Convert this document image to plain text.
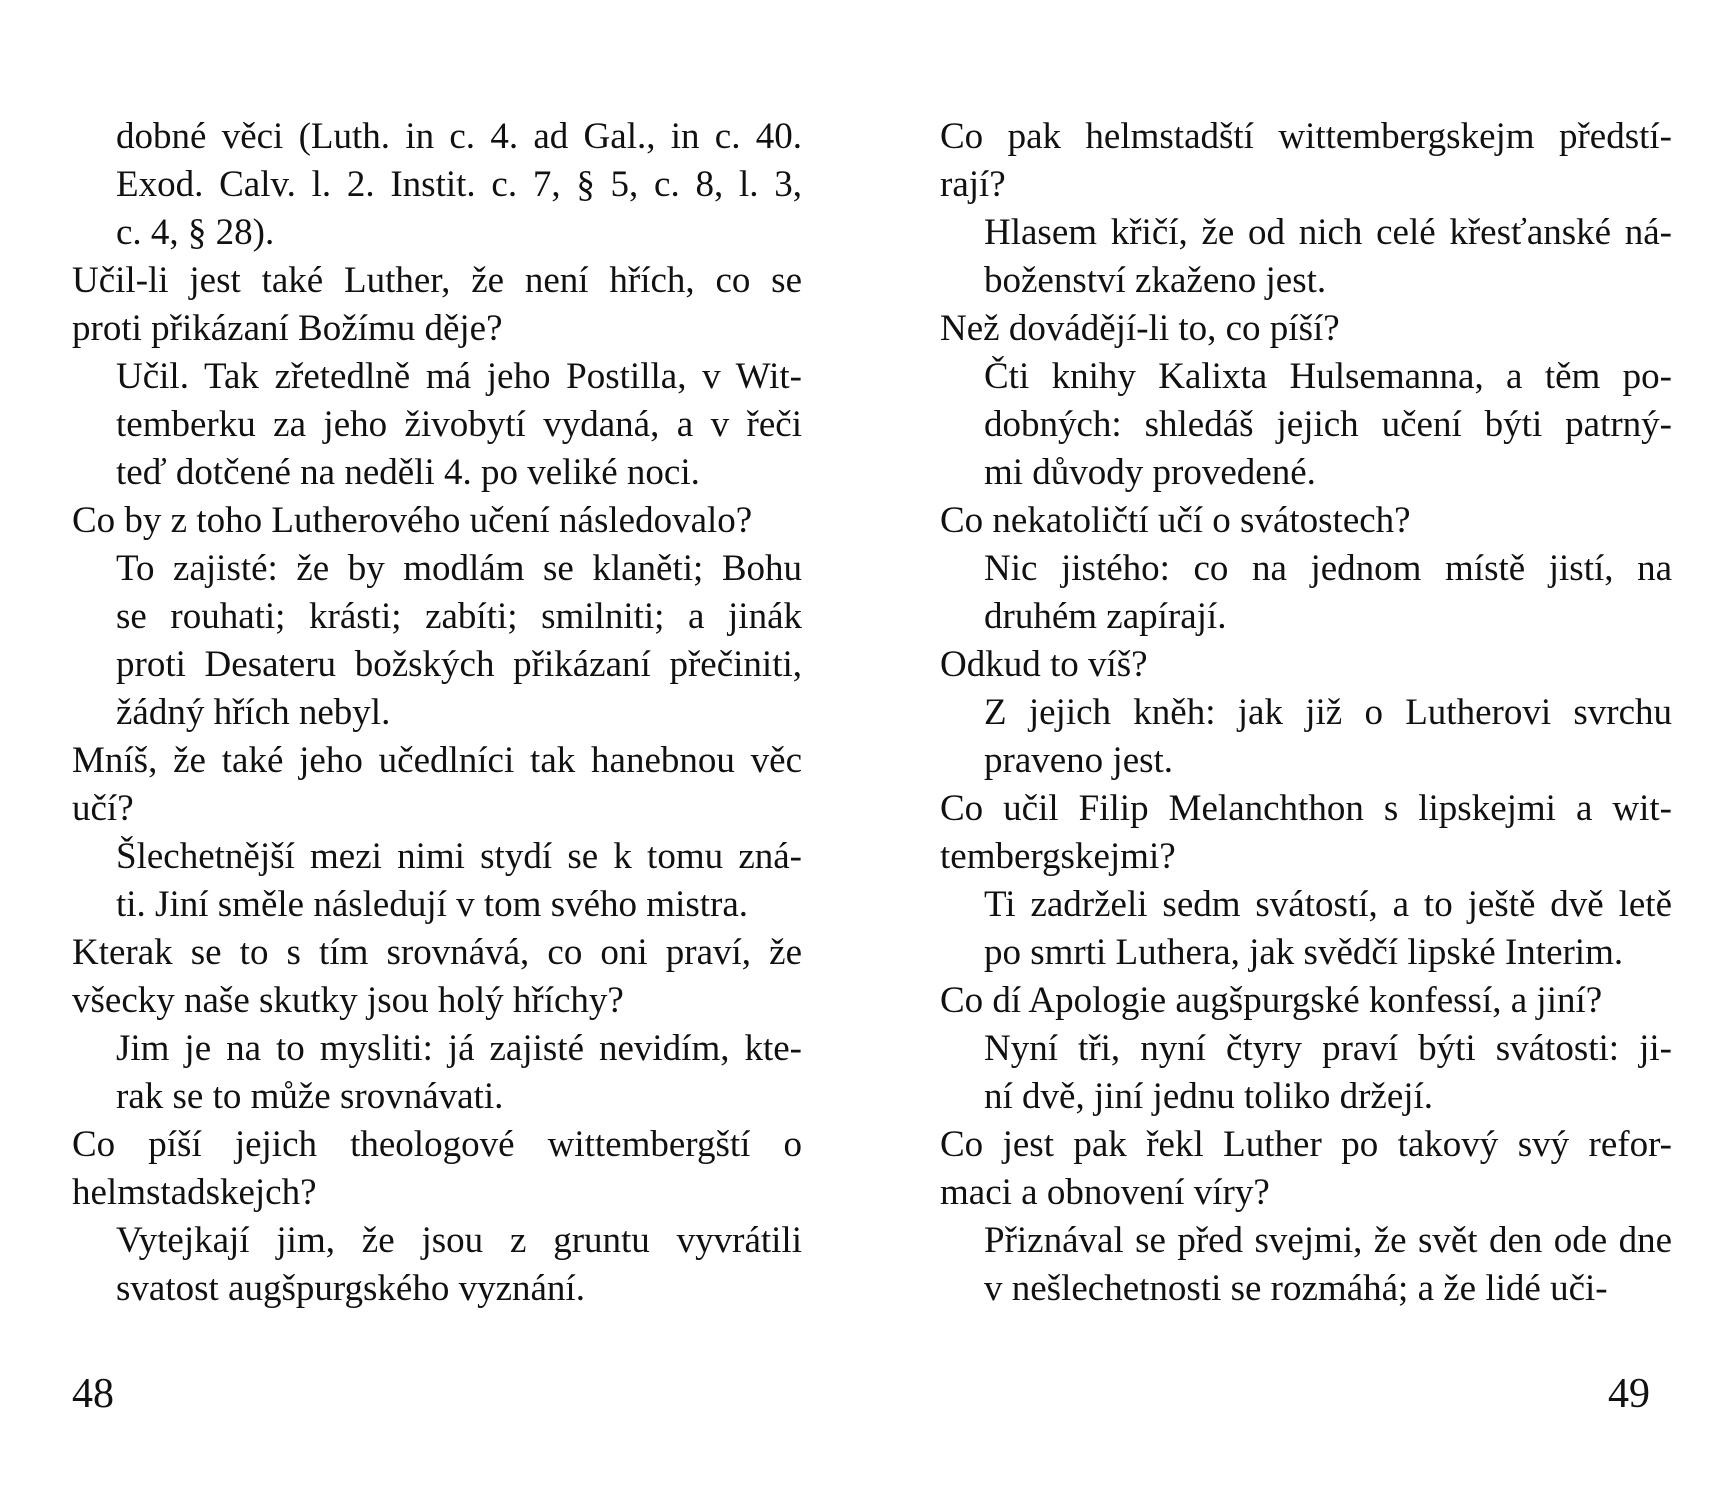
dobné věci (Luth. in c. 4. ad Gal., in c. 40.
Exod. Calv. l. 2. Instit. c. 7, § 5, c. 8, l. 3,
c. 4, § 28).
Učil-li jest také Luther, že není hřích, co se
proti přikázaní Božímu děje?
Učil. Tak zřetedlně má jeho Postilla, v Wit-
temberku za jeho živobytí vydaná, a v řeči
teď dotčené na neděli 4. po veliké noci.
Co by z toho Lutherového učení následovalo?
To zajisté: že by modlám se klaněti; Bohu
se rouhati; krásti; zabíti; smilniti; a jinák
proti Desateru božských přikázaní přečiniti,
žádný hřích nebyl.
Mníš, že také jeho učedlníci tak hanebnou věc
učí?
Šlechetnější mezi nimi stydí se k tomu zná-
ti. Jiní směle následují v tom svého mistra.
Kterak se to s tím srovnává, co oni praví, že
všecky naše skutky jsou holý hříchy?
Jim je na to mysliti: já zajisté nevidím, kte-
rak se to může srovnávati.
Co píší jejich theologové wittembergští o
helmstadskejch?
Vytejkají jim, že jsou z gruntu vyvrátili
svatost augšpurgského vyznání.
48
Co pak helmstadští wittembergskejm předstí-
rají?
Hlasem křičí, že od nich celé křesťanské ná-
boženství zkaženo jest.
Než dovádějí-li to, co píší?
Čti knihy Kalixta Hulsemanna, a těm po-
dobných: shledáš jejich učení býti patrný-
mi důvody provedené.
Co nekatoličtí učí o svátostech?
Nic jistého: co na jednom místě jistí, na
druhém zapírají.
Odkud to víš?
Z jejich kněh: jak již o Lutherovi svrchu
praveno jest.
Co učil Filip Melanchthon s lipskejmi a wit-
tembergskejmi?
Ti zadrželi sedm svátostí, a to ještě dvě letě
po smrti Luthera, jak svědčí lipské Interim.
Co dí Apologie augšpurgské konfessí, a jiní?
Nyní tři, nyní čtyry praví býti svátosti: ji-
ní dvě, jiní jednu toliko držejí.
Co jest pak řekl Luther po takový svý refor-
maci a obnovení víry?
Přiznával se před svejmi, že svět den ode dne
v nešlechetnosti se rozmáhá; a že lidé uči-
49
